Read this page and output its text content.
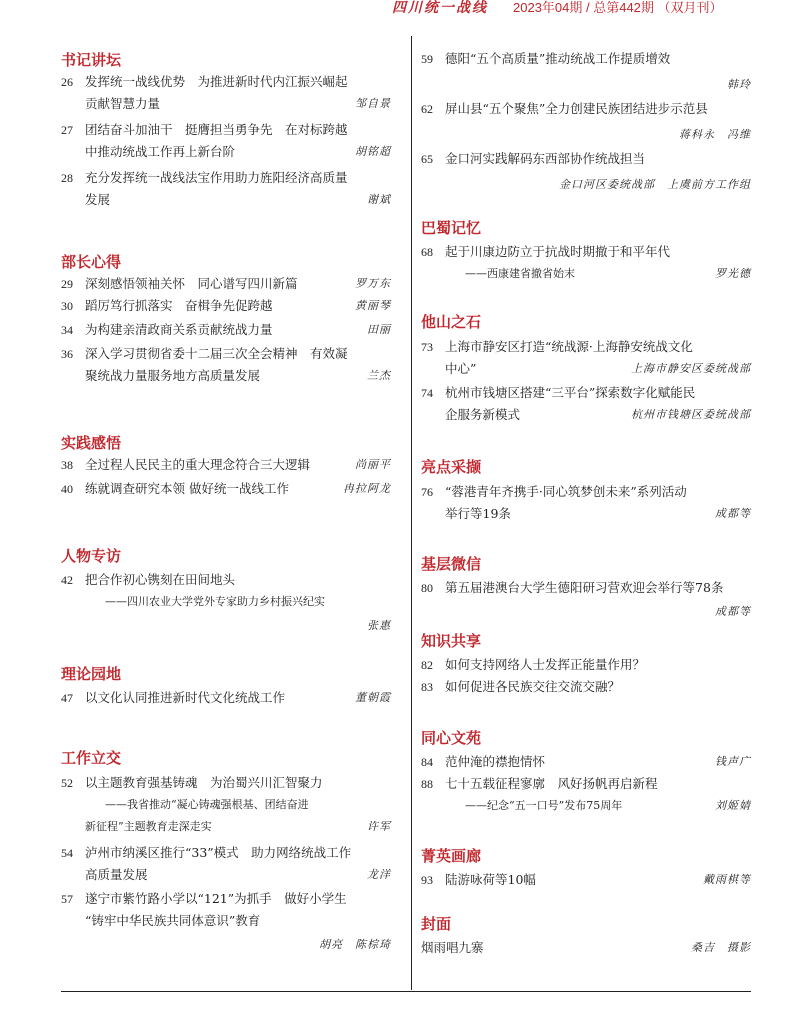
四川统一战线 2023年04期 / 总第442期 （双月刊）
书记讲坛
26 发挥统一战线优势　为推进新时代内江振兴崛起
贡献智慧力量	邹自景
27 团结奋斗加油干　挺膺担当勇争先　在对标跨越
中推动统战工作再上新台阶	胡铭超
28 充分发挥统一战线法宝作用助力旌阳经济高质量
发展	谢斌
部长心得
29 深刻感悟领袖关怀　同心谱写四川新篇	罗万东
30 蹈厉笃行抓落实　奋楫争先促跨越	黄丽琴
34 为构建亲清政商关系贡献统战力量	田丽
36 深入学习贯彻省委十二届三次全会精神　有效凝
聚统战力量服务地方高质量发展	兰杰
实践感悟
38 全过程人民民主的重大理念符合三大逻辑	尚丽平
40 练就调查研究本领 做好统一战线工作	冉拉阿龙
人物专访
42 把合作初心镌刻在田间地头
——四川农业大学党外专家助力乡村振兴纪实
张惠
理论园地
47 以文化认同推进新时代文化统战工作	董朝霞
工作立交
52 以主题教育强基铸魂　为治蜀兴川汇智聚力
——我省推动“凝心铸魂强根基、团结奋进
新征程”主题教育走深走实	许军
54 泸州市纳溪区推行“33”模式　助力网络统战工作
高质量发展	龙洋
57 遂宁市紫竹路小学以“121”为抓手　做好小学生
“铸牢中华民族共同体意识”教育
胡亮　陈棕琦
59 德阳“五个高质量”推动统战工作提质增效
韩玲
62 屏山县“五个聚焦”全力创建民族团结进步示范县
蒋科永　冯维
65 金口河实践解码东西部协作统战担当
金口河区委统战部　上虞前方工作组
巴蜀记忆
68 起于川康边防立于抗战时期撤于和平年代
——西康建省撤省始末	罗光德
他山之石
73 上海市静安区打造“统战源·上海静安统战文化
中心”	上海市静安区委统战部
74 杭州市钱塘区搭建“三平台”探索数字化赋能民
企服务新模式	杭州市钱塘区委统战部
亮点采撷
76 “蓉港青年齐携手·同心筑梦创未来”系列活动
举行等19条	成都等
基层微信
80 第五届港澳台大学生德阳研习营欢迎会举行等78条
成都等
知识共享
82 如何支持网络人士发挥正能量作用？
83 如何促进各民族交往交流交融？
同心文苑
84 范仲淹的襟抱情怀	钱声广
88 七十五载征程寥廓　风好扬帆再启新程
——纪念“五一口号”发布75周年	刘姬婧
菁英画廊
93 陆游咏荷等10幅	戴雨棋等
封面
烟雨唱九寨	桑吉　摄影
